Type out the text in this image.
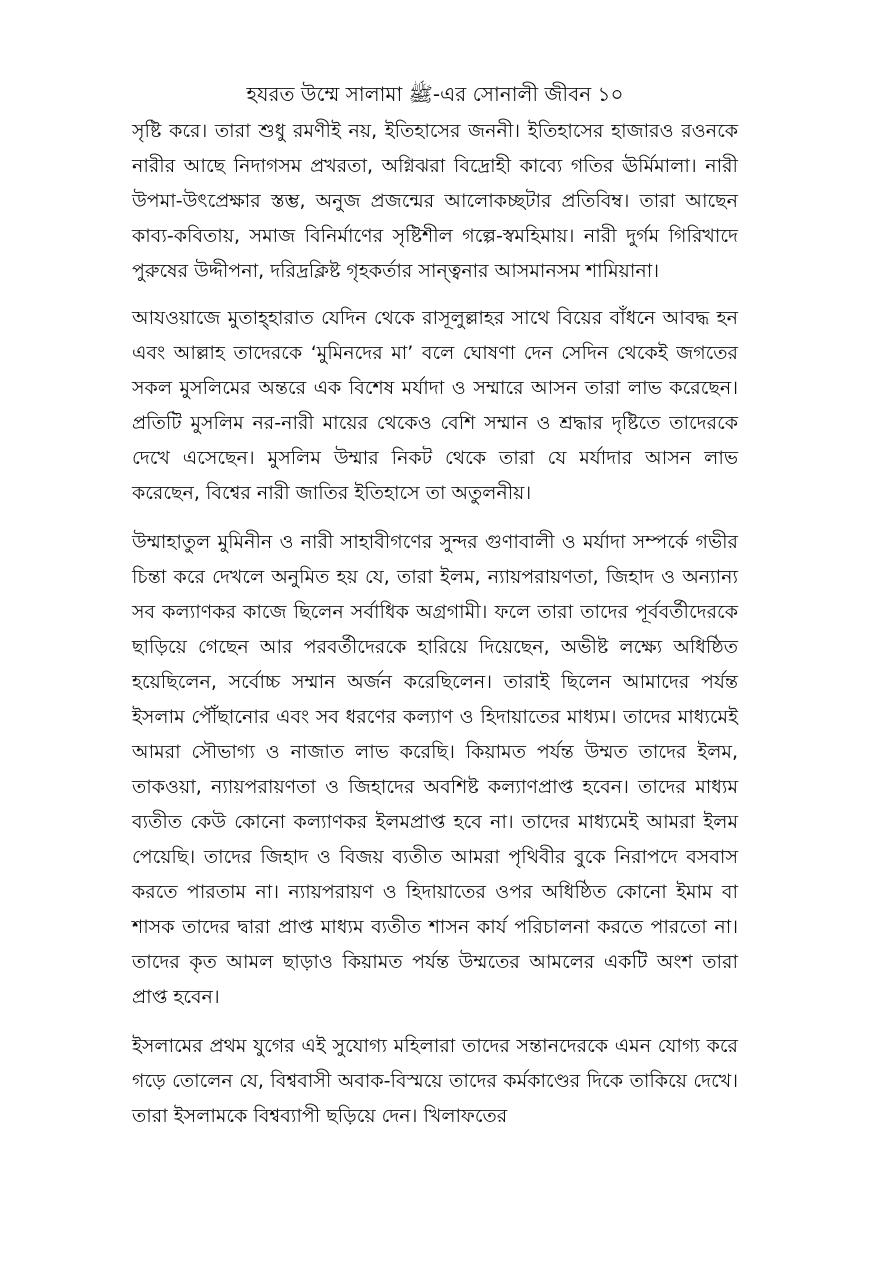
হযরত উম্মে সালামা ﷺ-এর সোনালী জীবন ১০

সৃষ্টি করে। তারা শুধু রমণীই নয়, ইতিহাসের জননী। ইতিহাসের হাজারও রওনকে নারীর আছে নিদাগসম প্রখরতা, অগ্নিঝরা বিদ্রোহী কাব্যে গতির ঊর্মিমালা। নারী উপমা-উৎপ্রেক্ষার স্তম্ভ, অনুজ প্রজন্মের আলোকচ্ছটার প্রতিবিম্ব। তারা আছেন কাব্য-কবিতায়, সমাজ বিনির্মাণের সৃষ্টিশীল গল্পে-স্বমহিমায়। নারী দুর্গম গিরিখাদে পুরুষের উদ্দীপনা, দরিদ্রক্লিষ্ট গৃহকর্তার সান্ত্বনার আসমানসম শামিয়ানা।

আযওয়াজে মুতাহ্হারাত যেদিন থেকে রাসূলুল্লাহর সাথে বিয়ের বাঁধনে আবদ্ধ হন এবং আল্লাহ তাদেরকে ‘মুমিনদের মা’ বলে ঘোষণা দেন সেদিন থেকেই জগতের সকল মুসলিমের অন্তরে এক বিশেষ মর্যাদা ও সম্মারে আসন তারা লাভ করেছেন। প্রতিটি মুসলিম নর-নারী মায়ের থেকেও বেশি সম্মান ও শ্রদ্ধার দৃষ্টিতে তাদেরকে দেখে এসেছেন। মুসলিম উম্মার নিকট থেকে তারা যে মর্যাদার আসন লাভ করেছেন, বিশ্বের নারী জাতির ইতিহাসে তা অতুলনীয়।

উম্মাহাতুল মুমিনীন ও নারী সাহাবীগণের সুন্দর গুণাবালী ও মর্যাদা সম্পর্কে গভীর চিন্তা করে দেখলে অনুমিত হয় যে, তারা ইলম, ন্যায়পরায়ণতা, জিহাদ ও অন্যান্য সব কল্যাণকর কাজে ছিলেন সর্বাধিক অগ্রগামী। ফলে তারা তাদের পূর্ববর্তীদেরকে ছাড়িয়ে গেছেন আর পরবর্তীদেরকে হারিয়ে দিয়েছেন, অভীষ্ট লক্ষ্যে অধিষ্ঠিত হয়েছিলেন, সর্বোচ্চ সম্মান অর্জন করেছিলেন। তারাই ছিলেন আমাদের পর্যন্ত ইসলাম পৌঁছানোর এবং সব ধরণের কল্যাণ ও হিদায়াতের মাধ্যম। তাদের মাধ্যমেই আমরা সৌভাগ্য ও নাজাত লাভ করেছি। কিয়ামত পর্যন্ত উম্মত তাদের ইলম, তাকওয়া, ন্যায়পরায়ণতা ও জিহাদের অবশিষ্ট কল্যাণপ্রাপ্ত হবেন। তাদের মাধ্যম ব্যতীত কেউ কোনো কল্যাণকর ইলমপ্রাপ্ত হবে না। তাদের মাধ্যমেই আমরা ইলম পেয়েছি। তাদের জিহাদ ও বিজয় ব্যতীত আমরা পৃথিবীর বুকে নিরাপদে বসবাস করতে পারতাম না। ন্যায়পরায়ণ ও হিদায়াতের ওপর অধিষ্ঠিত কোনো ইমাম বা শাসক তাদের দ্বারা প্রাপ্ত মাধ্যম ব্যতীত শাসন কার্য পরিচালনা করতে পারতো না। তাদের কৃত আমল ছাড়াও কিয়ামত পর্যন্ত উম্মতের আমলের একটি অংশ তারা প্রাপ্ত হবেন।

ইসলামের প্রথম যুগের এই সুযোগ্য মহিলারা তাদের সন্তানদেরকে এমন যোগ্য করে গড়ে তোলেন যে, বিশ্ববাসী অবাক-বিস্ময়ে তাদের কর্মকাণ্ডের দিকে তাকিয়ে দেখে। তারা ইসলামকে বিশ্বব্যাপী ছড়িয়ে দেন। খিলাফতের
